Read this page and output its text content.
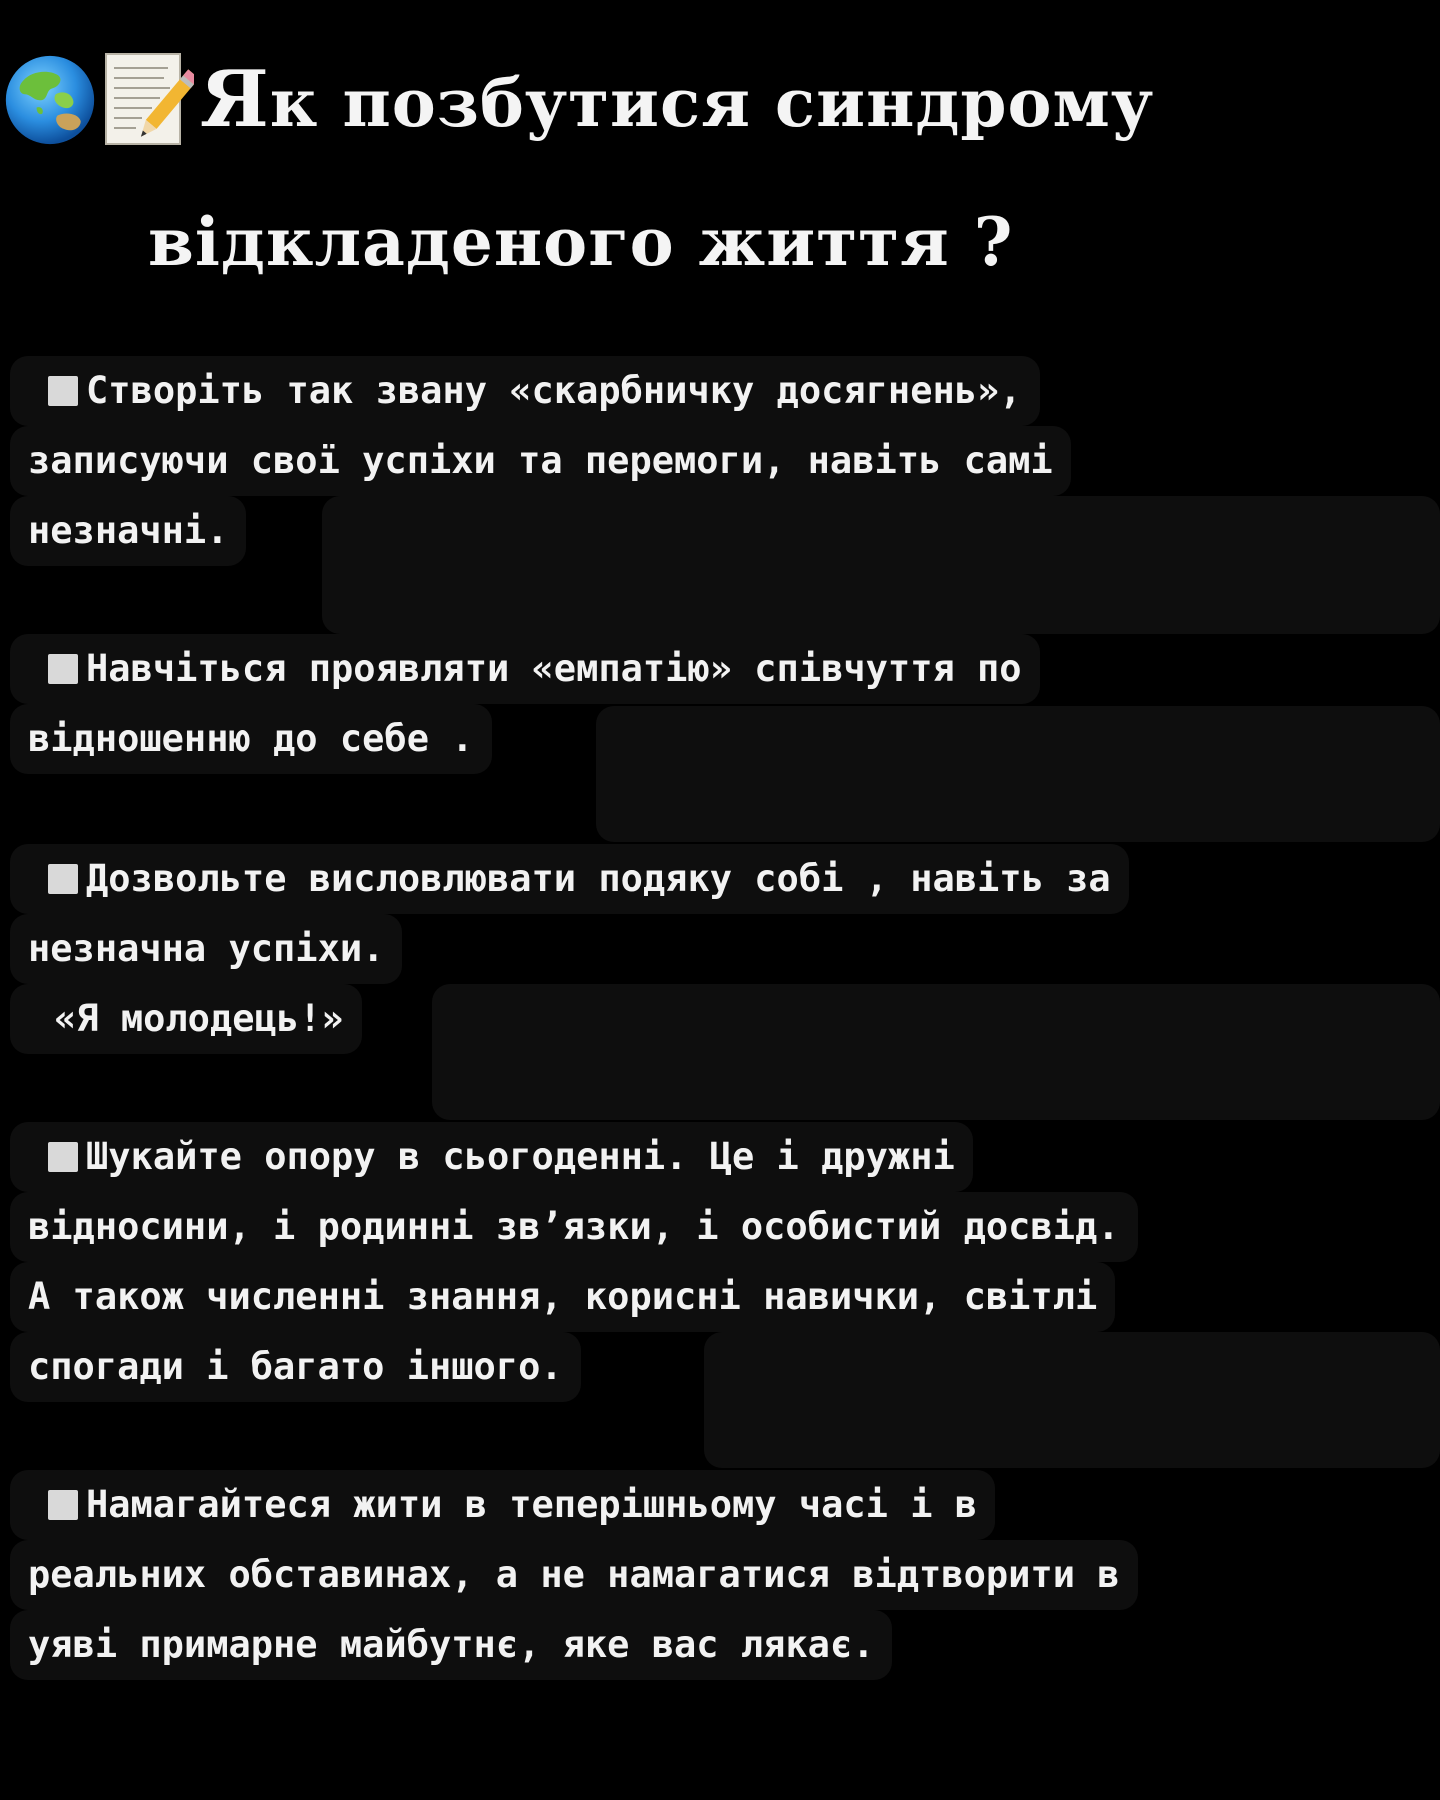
Як позбутися синдрому
відкладеного життя ?
Створіть так звану «скарбничку досягнень»,
записуючи свої успіхи та перемоги, навіть самі
незначні.
Навчіться проявляти «емпатію» співчуття по
відношенню до себе .
Дозвольте висловлювати подяку собі , навіть за
незначна успіхи.
«Я молодець!»
Шукайте опору в сьогоденні. Це і дружні
відносини, і родинні зв’язки, і особистий досвід.
А також численні знання, корисні навички, світлі
спогади і багато іншого.
Намагайтеся жити в теперішньому часі і в
реальних обставинах, а не намагатися відтворити в
уяві примарне майбутнє, яке вас лякає.
